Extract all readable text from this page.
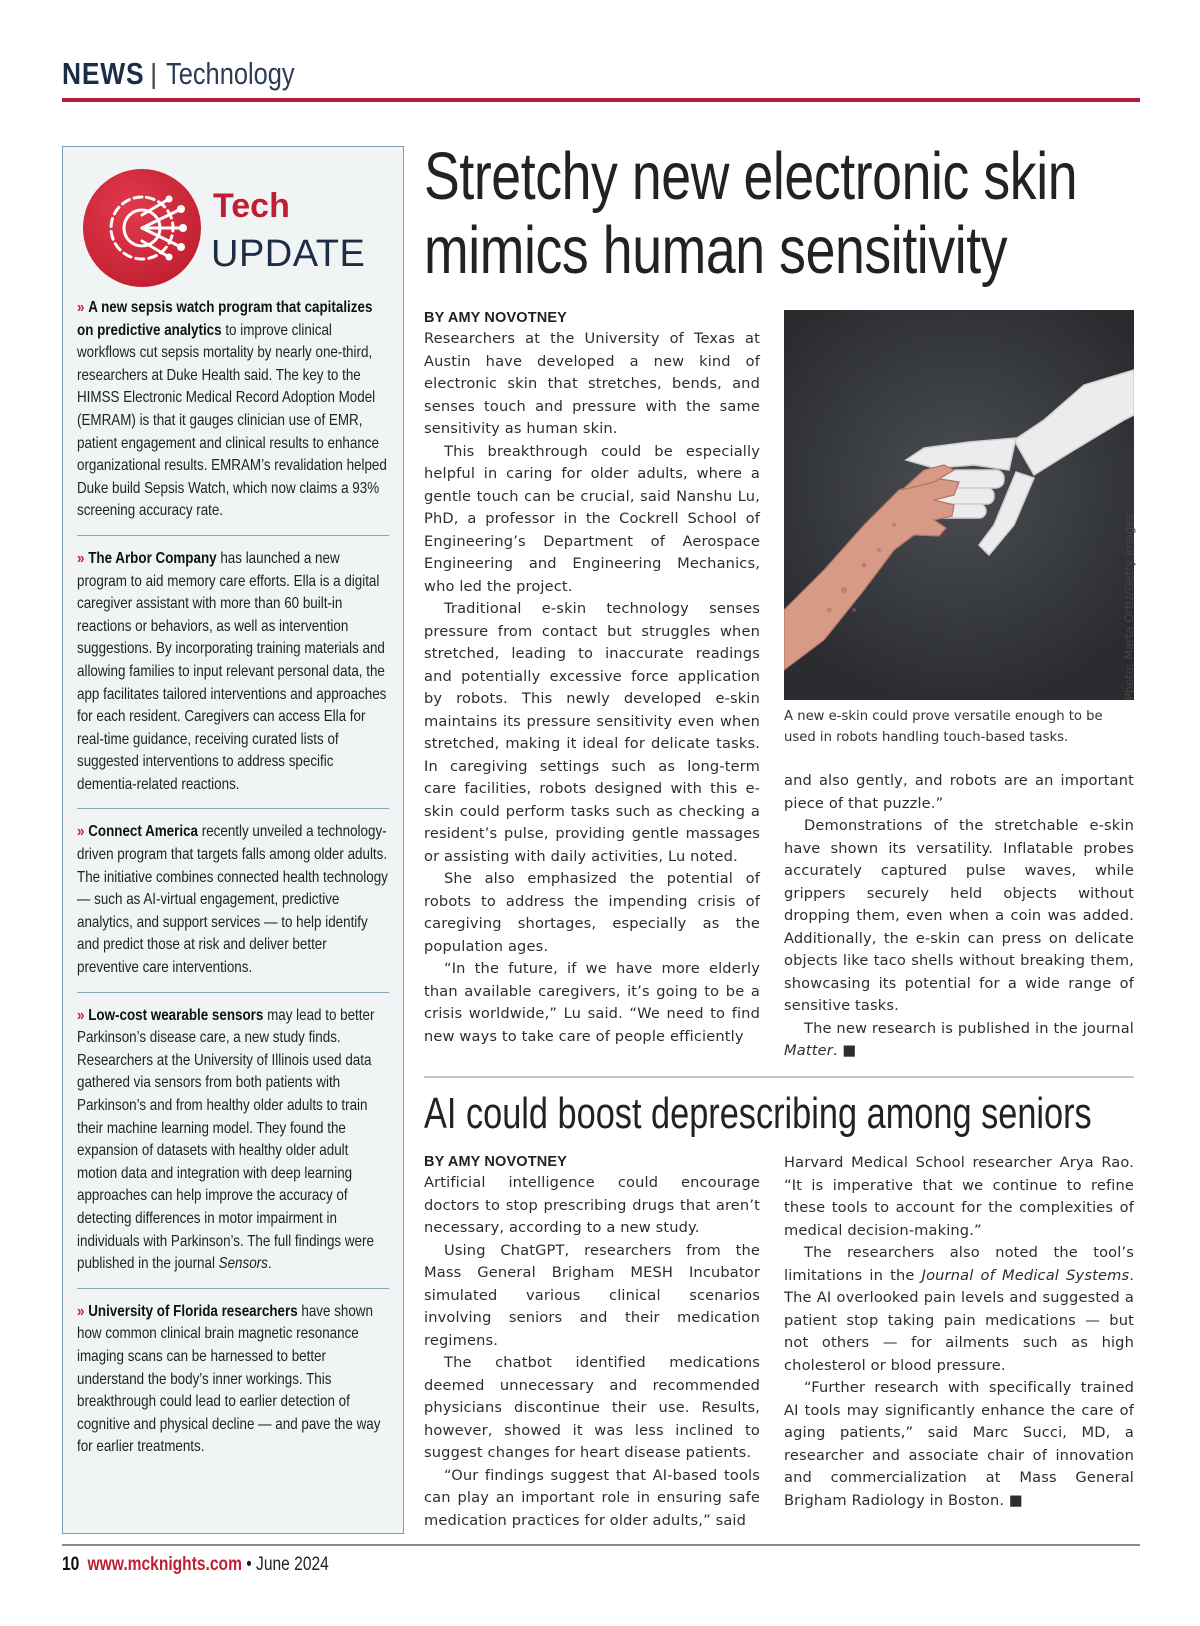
NEWS | Technology
Tech
UPDATE
» A new sepsis watch program that capitalizes on predictive analytics to improve clinical workflows cut sepsis mortality by nearly one-third, researchers at Duke Health said. The key to the HIMSS Electronic Medical Record Adoption Model (EMRAM) is that it gauges clinician use of EMR, patient engagement and clinical results to enhance organizational results. EMRAM’s revalidation helped Duke build Sepsis Watch, which now claims a 93% screening accuracy rate.
» The Arbor Company has launched a new program to aid memory care efforts. Ella is a digital caregiver assistant with more than 60 built-in reactions or behaviors, as well as intervention suggestions. By incorporating training materials and allowing families to input relevant personal data, the app facilitates tailored interventions and approaches for each resident. Caregivers can access Ella for real-time guidance, receiving curated lists of suggested interventions to address specific dementia-related reactions.
» Connect America recently unveiled a technology-driven program that targets falls among older adults. The initiative combines connected health technology — such as AI-virtual engagement, predictive analytics, and support services — to help identify and predict those at risk and deliver better preventive care interventions.
» Low-cost wearable sensors may lead to better Parkinson’s disease care, a new study finds. Researchers at the University of Illinois used data gathered via sensors from both patients with Parkinson’s and from healthy older adults to train their machine learning model. They found the expansion of datasets with healthy older adult motion data and integration with deep learning approaches can help improve the accuracy of detecting differences in motor impairment in individuals with Parkinson’s. The full findings were published in the journal Sensors.
» University of Florida researchers have shown how common clinical brain magnetic resonance imaging scans can be harnessed to better understand the body’s inner workings. This breakthrough could lead to earlier detection of cognitive and physical decline — and pave the way for earlier treatments.
Stretchy new electronic skin
mimics human sensitivity
BY AMY NOVOTNEY

Researchers at the University of Texas at Austin have developed a new kind of electronic skin that stretches, bends, and senses touch and pressure with the same sensitivity as human skin.

This breakthrough could be especially helpful in caring for older adults, where a gentle touch can be crucial, said Nanshu Lu, PhD, a professor in the Cockrell School of Engineering’s Department of Aerospace Engineering and Engineering Mechanics, who led the project.

Traditional e-skin technology senses pressure from contact but struggles when stretched, leading to inaccurate readings and potentially excessive force application by robots. This newly developed e-skin maintains its pressure sensitivity even when stretched, making it ideal for delicate tasks. In caregiving settings such as long-term care facilities, robots designed with this e-skin could perform tasks such as checking a resident’s pulse, providing gentle massages or assisting with daily activities, Lu noted.

She also emphasized the potential of robots to address the impending crisis of caregiving shortages, especially as the population ages.

“In the future, if we have more elderly than available caregivers, it’s going to be a crisis worldwide,” Lu said. “We need to find new ways to take care of people efficiently

Photo: Marta Ortiz/Getty Images
A new e-skin could prove versatile enough to be used in robots handling touch-based tasks.

and also gently, and robots are an important piece of that puzzle.”

Demonstrations of the stretchable e-skin have shown its versatility. Inflatable probes accurately captured pulse waves, while grippers securely held objects without dropping them, even when a coin was added. Additionally, the e-skin can press on delicate objects like taco shells without breaking them, showcasing its potential for a wide range of sensitive tasks.

The new research is published in the journal Matter. ■

AI could boost deprescribing among seniors
BY AMY NOVOTNEY

Artificial intelligence could encourage doctors to stop prescribing drugs that aren’t necessary, according to a new study.

Using ChatGPT, researchers from the Mass General Brigham MESH Incubator simulated various clinical scenarios involving seniors and their medication regimens.

The chatbot identified medications deemed unnecessary and recommended physicians discontinue their use. Results, however, showed it was less inclined to suggest changes for heart disease patients.

“Our findings suggest that AI-based tools can play an important role in ensuring safe medication practices for older adults,” said

Harvard Medical School researcher Arya Rao. “It is imperative that we continue to refine these tools to account for the complexities of medical decision-making.”

The researchers also noted the tool’s limitations in the Journal of Medical Systems. The AI overlooked pain levels and suggested a patient stop taking pain medications — but not others — for ailments such as high cholesterol or blood pressure.

“Further research with specifically trained AI tools may significantly enhance the care of aging patients,” said Marc Succi, MD, a researcher and associate chair of innovation and commercialization at Mass General Brigham Radiology in Boston. ■

10 www.mcknights.com • June 2024
